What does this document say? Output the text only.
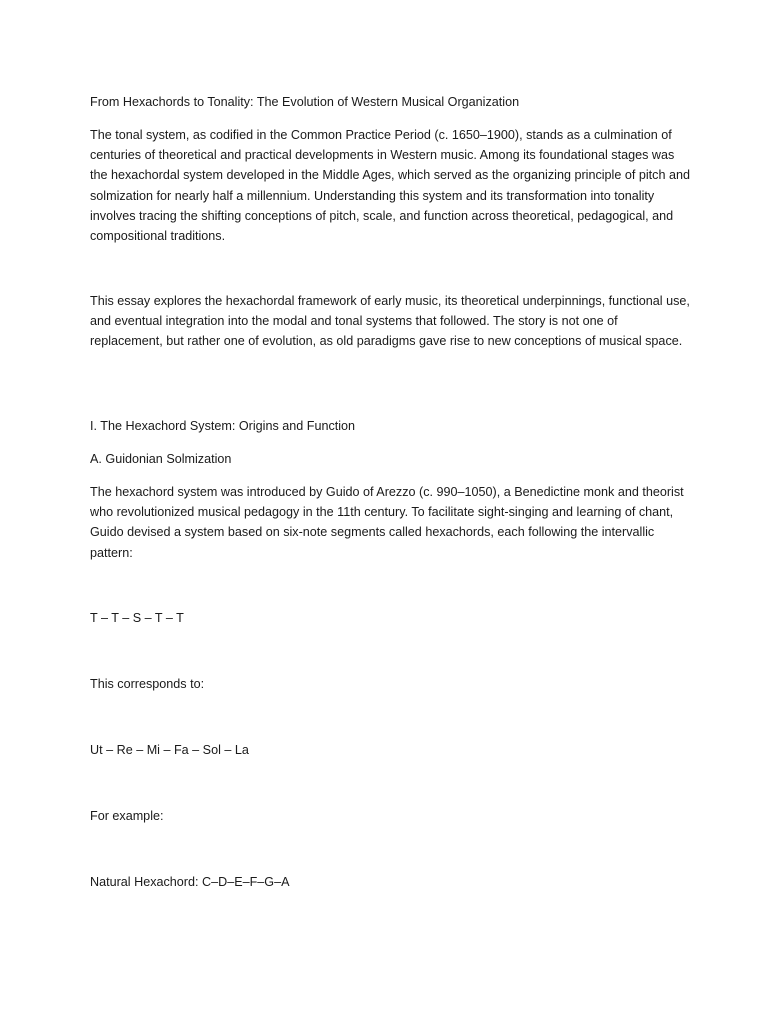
From Hexachords to Tonality: The Evolution of Western Musical Organization

The tonal system, as codified in the Common Practice Period (c. 1650–1900), stands as a culmination of centuries of theoretical and practical developments in Western music. Among its foundational stages was the hexachordal system developed in the Middle Ages, which served as the organizing principle of pitch and solmization for nearly half a millennium. Understanding this system and its transformation into tonality involves tracing the shifting conceptions of pitch, scale, and function across theoretical, pedagogical, and compositional traditions.

This essay explores the hexachordal framework of early music, its theoretical underpinnings, functional use, and eventual integration into the modal and tonal systems that followed. The story is not one of replacement, but rather one of evolution, as old paradigms gave rise to new conceptions of musical space.

I. The Hexachord System: Origins and Function

A. Guidonian Solmization

The hexachord system was introduced by Guido of Arezzo (c. 990–1050), a Benedictine monk and theorist who revolutionized musical pedagogy in the 11th century. To facilitate sight-singing and learning of chant, Guido devised a system based on six-note segments called hexachords, each following the intervallic pattern:

T – T – S – T – T

This corresponds to:

Ut – Re – Mi – Fa – Sol – La

For example:

Natural Hexachord: C–D–E–F–G–A
